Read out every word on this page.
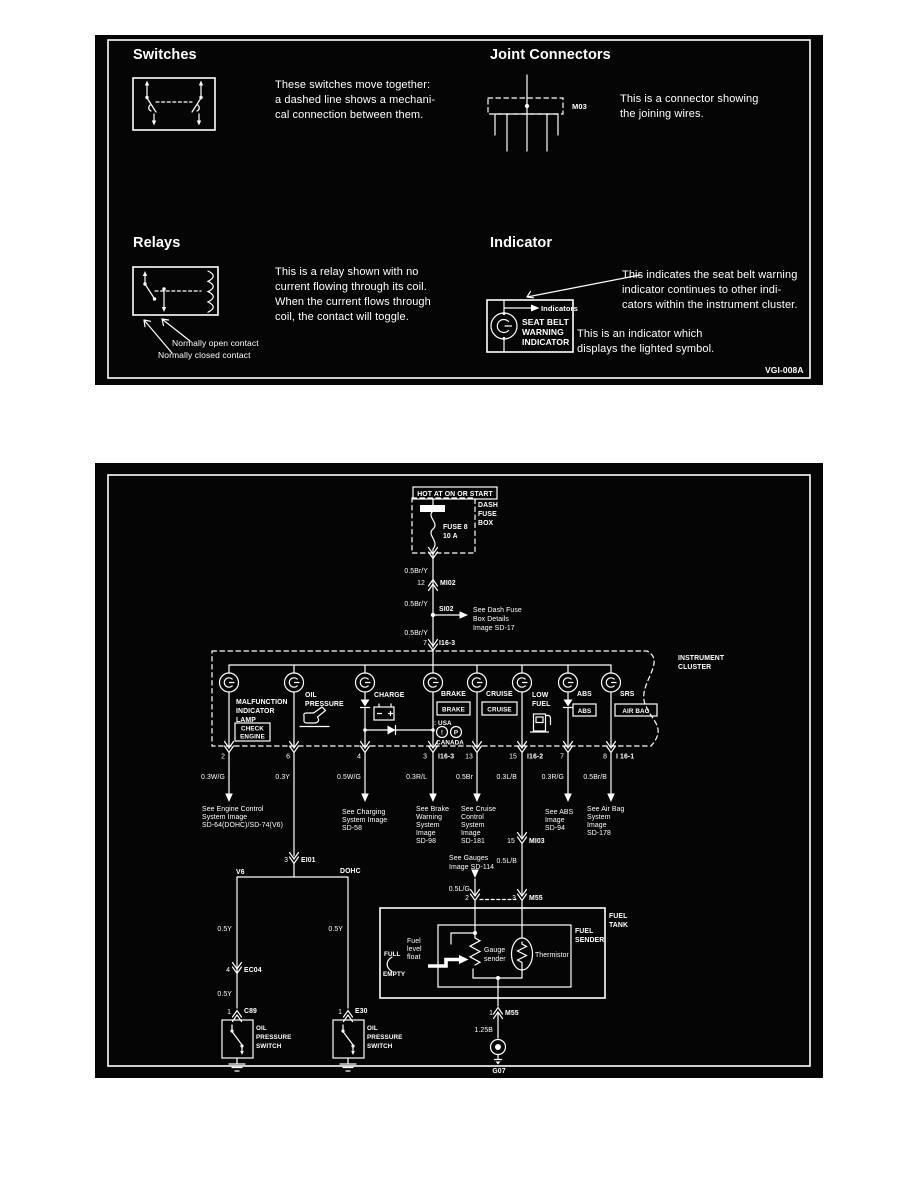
Switches
These switches move together:
a dashed line shows a mechani-
cal connection between them.
Joint Connectors
M03
This is a connector showing
the joining wires.
Relays
This is a relay shown with no
current flowing through its coil.
When the current flows through
coil, the contact will toggle.
Normally open contact
Normally closed contact
Indicator
Indicators
SEAT BELT
WARNING
INDICATOR
This indicates the seat belt warning
indicator continues to other indi-
cators within the instrument cluster.
This is an indicator which
displays the lighted symbol.
VGI-008A
HOT AT ON OR START
DASH
FUSE
BOX
FUSE 8
10 A
0.5Br/Y
12 MI02
0.5Br/Y
SI02	See Dash Fuse
Box Details
Image SD-17
0.5Br/Y
7 I16-3
INSTRUMENT
CLUSTER
MALFUNCTION
INDICATOR
LAMP
CHECK
ENGINE
OIL
PRESSURE
CHARGE	BRAKE
BRAKE
: USA
! P
: CANADA
CRUISE
CRUISE
LOW
FUEL
ABS
ABS
SRS
AIR BAG
2	6	4	3 I16-3 13	15 I16-2 7	8 I 16-1
0.3W/G	0.3Y	0.5W/G	0.3R/L	0.5Br	0.3L/B	0.3R/G	0.5Br/B
See Engine Control
System Image
SD-64(DOHC)/SD-74(V6)
See Charging
System Image
SD-58
See Brake
Warning
System
Image
SD-98
See Cruise
Control
System
Image
SD-181
See ABS
Image
SD-94
See Air Bag
System
Image
SD-178
3 EI01
V6	DOHC
0.5Y	0.5Y
4 EC04
0.5Y
1 C89	1 E30
OIL
PRESSURE
SWITCH
OIL
PRESSURE
SWITCH
15 MI03
0.5L/B
See Gauges
Image SD-114
0.5L/G
2	3 M55
FUEL
TANK
FUEL
SENDER
Gauge
sender
Thermistor
Fuel
level
float
FULL
EMPTY
1 M55
1.25B
G07
